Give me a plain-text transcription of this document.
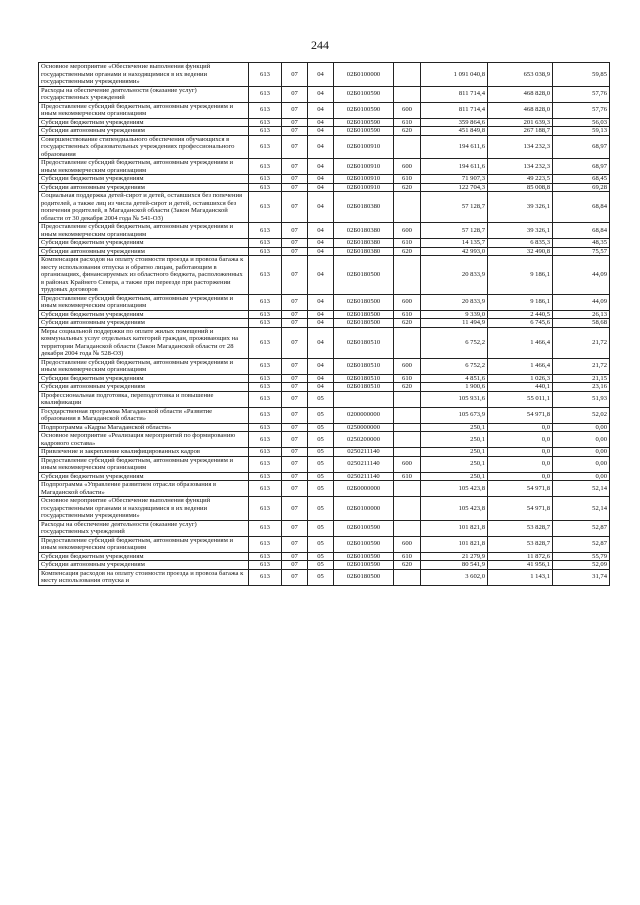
244
Основное мероприятие «Обеспечение выполнения функций государственными органами и находящимися в их ведении государственными учреждениями»	613	07	04	02Б0100000		1 091 040,8	653 038,9	59,85
Расходы на обеспечение деятельности (оказание услуг) государственных учреждений	613	07	04	02Б0100590		811 714,4	468 828,0	57,76
Предоставление субсидий бюджетным, автономным учреждениям и иным некоммерческим организациям	613	07	04	02Б0100590	600	811 714,4	468 828,0	57,76
Субсидии бюджетным учреждениям	613	07	04	02Б0100590	610	359 864,6	201 639,3	56,03
Субсидии автономным учреждениям	613	07	04	02Б0100590	620	451 849,8	267 188,7	59,13
Совершенствование стипендиального обеспечения обучающихся в государственных образовательных учреждениях профессионального образования	613	07	04	02Б0100910		194 611,6	134 232,3	68,97
Предоставление субсидий бюджетным, автономным учреждениям и иным некоммерческим организациям	613	07	04	02Б0100910	600	194 611,6	134 232,3	68,97
Субсидии бюджетным учреждениям	613	07	04	02Б0100910	610	71 907,3	49 223,5	68,45
Субсидии автономным учреждениям	613	07	04	02Б0100910	620	122 704,3	85 008,8	69,28
Социальная поддержка детей-сирот и детей, оставшихся без попечения родителей, а также лиц из числа детей-сирот и детей, оставшихся без попечения родителей, в Магаданской области (Закон Магаданской области от 30 декабря 2004 года № 541-ОЗ)	613	07	04	02Б0180380		57 128,7	39 326,1	68,84
Предоставление субсидий бюджетным, автономным учреждениям и иным некоммерческим организациям	613	07	04	02Б0180380	600	57 128,7	39 326,1	68,84
Субсидии бюджетным учреждениям	613	07	04	02Б0180380	610	14 135,7	6 835,3	48,35
Субсидии автономным учреждениям	613	07	04	02Б0180380	620	42 993,0	32 490,8	75,57
Компенсация расходов на оплату стоимости проезда и провоза багажа к месту использования отпуска и обратно лицам, работающим в организациях, финансируемых из областного бюджета, расположенных в районах Крайнего Севера, а также при переезде при расторжении трудовых договоров	613	07	04	02Б0180500		20 833,9	9 186,1	44,09
Предоставление субсидий бюджетным, автономным учреждениям и иным некоммерческим организациям	613	07	04	02Б0180500	600	20 833,9	9 186,1	44,09
Субсидии бюджетным учреждениям	613	07	04	02Б0180500	610	9 339,0	2 440,5	26,13
Субсидии автономным учреждениям	613	07	04	02Б0180500	620	11 494,9	6 745,6	58,68
Меры социальной поддержки по оплате жилых помещений и коммунальных услуг отдельных категорий граждан, проживающих на территории Магаданской области (Закон Магаданской области от 28 декабря 2004 года № 528-ОЗ)	613	07	04	02Б0180510		6 752,2	1 466,4	21,72
Предоставление субсидий бюджетным, автономным учреждениям и иным некоммерческим организациям	613	07	04	02Б0180510	600	6 752,2	1 466,4	21,72
Субсидии бюджетным учреждениям	613	07	04	02Б0180510	610	4 851,6	1 026,3	21,15
Субсидии автономным учреждениям	613	07	04	02Б0180510	620	1 900,6	440,1	23,16
Профессиональная подготовка, переподготовка и повышение квалификации	613	07	05			105 931,6	55 011,1	51,93
Государственная программа Магаданской области «Развитие образования в Магаданской области»	613	07	05	0200000000		105 673,9	54 971,8	52,02
Подпрограмма «Кадры Магаданской области»	613	07	05	0250000000		250,1	0,0	0,00
Основное мероприятие «Реализация мероприятий по формированию кадрового состава»	613	07	05	0250200000		250,1	0,0	0,00
Привлечение и закрепление квалифицированных кадров	613	07	05	0250211140		250,1	0,0	0,00
Предоставление субсидий бюджетным, автономным учреждениям и иным некоммерческим организациям	613	07	05	0250211140	600	250,1	0,0	0,00
Субсидии бюджетным учреждениям	613	07	05	0250211140	610	250,1	0,0	0,00
Подпрограмма «Управление развитием отрасли образования в Магаданской области»	613	07	05	02Б0000000		105 423,8	54 971,8	52,14
Основное мероприятие «Обеспечение выполнения функций государственными органами и находящимися в их ведении государственными учреждениями»	613	07	05	02Б0100000		105 423,8	54 971,8	52,14
Расходы на обеспечение деятельности (оказание услуг) государственных учреждений	613	07	05	02Б0100590		101 821,8	53 828,7	52,87
Предоставление субсидий бюджетным, автономным учреждениям и иным некоммерческим организациям	613	07	05	02Б0100590	600	101 821,8	53 828,7	52,87
Субсидии бюджетным учреждениям	613	07	05	02Б0100590	610	21 279,9	11 872,6	55,79
Субсидии автономным учреждениям	613	07	05	02Б0100590	620	80 541,9	41 956,1	52,09
Компенсация расходов на оплату стоимости проезда и провоза багажа к месту использования отпуска и	613	07	05	02Б0180500		3 602,0	1 143,1	31,74
